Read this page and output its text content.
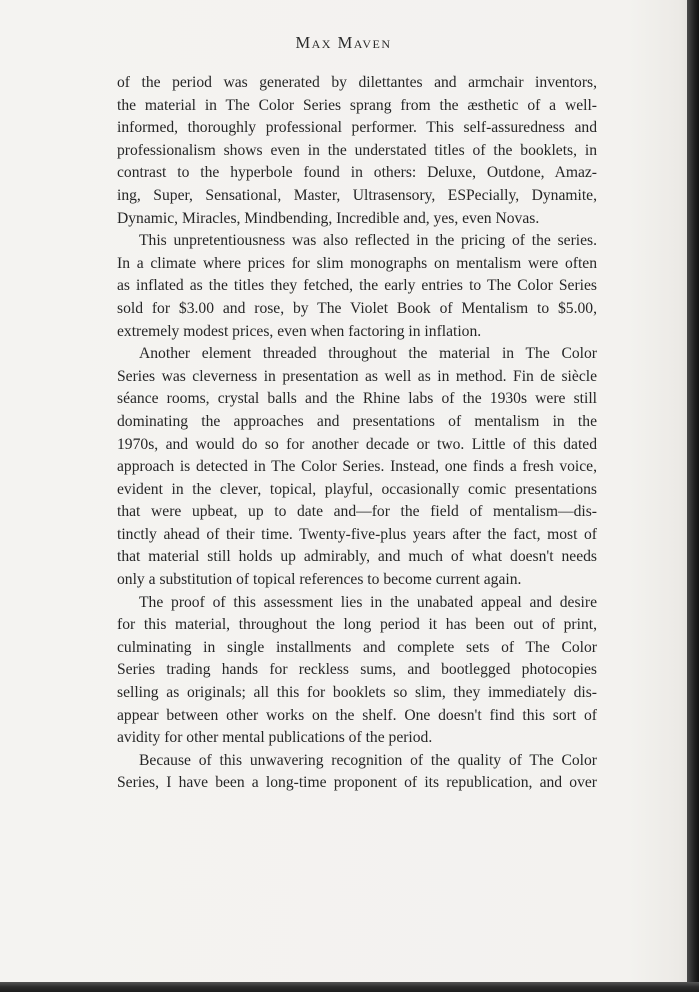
Max Maven
of the period was generated by dilettantes and armchair inventors,
the material in The Color Series sprang from the æsthetic of a well-
informed, thoroughly professional performer. This self-assuredness and
professionalism shows even in the understated titles of the booklets, in
contrast to the hyperbole found in others: Deluxe, Outdone, Amaz-
ing, Super, Sensational, Master, Ultrasensory, ESPecially, Dynamite,
Dynamic, Miracles, Mindbending, Incredible and, yes, even Novas.
This unpretentiousness was also reflected in the pricing of the series.
In a climate where prices for slim monographs on mentalism were often
as inflated as the titles they fetched, the early entries to The Color Series
sold for $3.00 and rose, by The Violet Book of Mentalism to $5.00,
extremely modest prices, even when factoring in inflation.
Another element threaded throughout the material in The Color
Series was cleverness in presentation as well as in method. Fin de siècle
séance rooms, crystal balls and the Rhine labs of the 1930s were still
dominating the approaches and presentations of mentalism in the
1970s, and would do so for another decade or two. Little of this dated
approach is detected in The Color Series. Instead, one finds a fresh voice,
evident in the clever, topical, playful, occasionally comic presentations
that were upbeat, up to date and—for the field of mentalism—dis-
tinctly ahead of their time. Twenty-five-plus years after the fact, most of
that material still holds up admirably, and much of what doesn't needs
only a substitution of topical references to become current again.
The proof of this assessment lies in the unabated appeal and desire
for this material, throughout the long period it has been out of print,
culminating in single installments and complete sets of The Color
Series trading hands for reckless sums, and bootlegged photocopies
selling as originals; all this for booklets so slim, they immediately dis-
appear between other works on the shelf. One doesn't find this sort of
avidity for other mental publications of the period.
Because of this unwavering recognition of the quality of The Color
Series, I have been a long-time proponent of its republication, and over
